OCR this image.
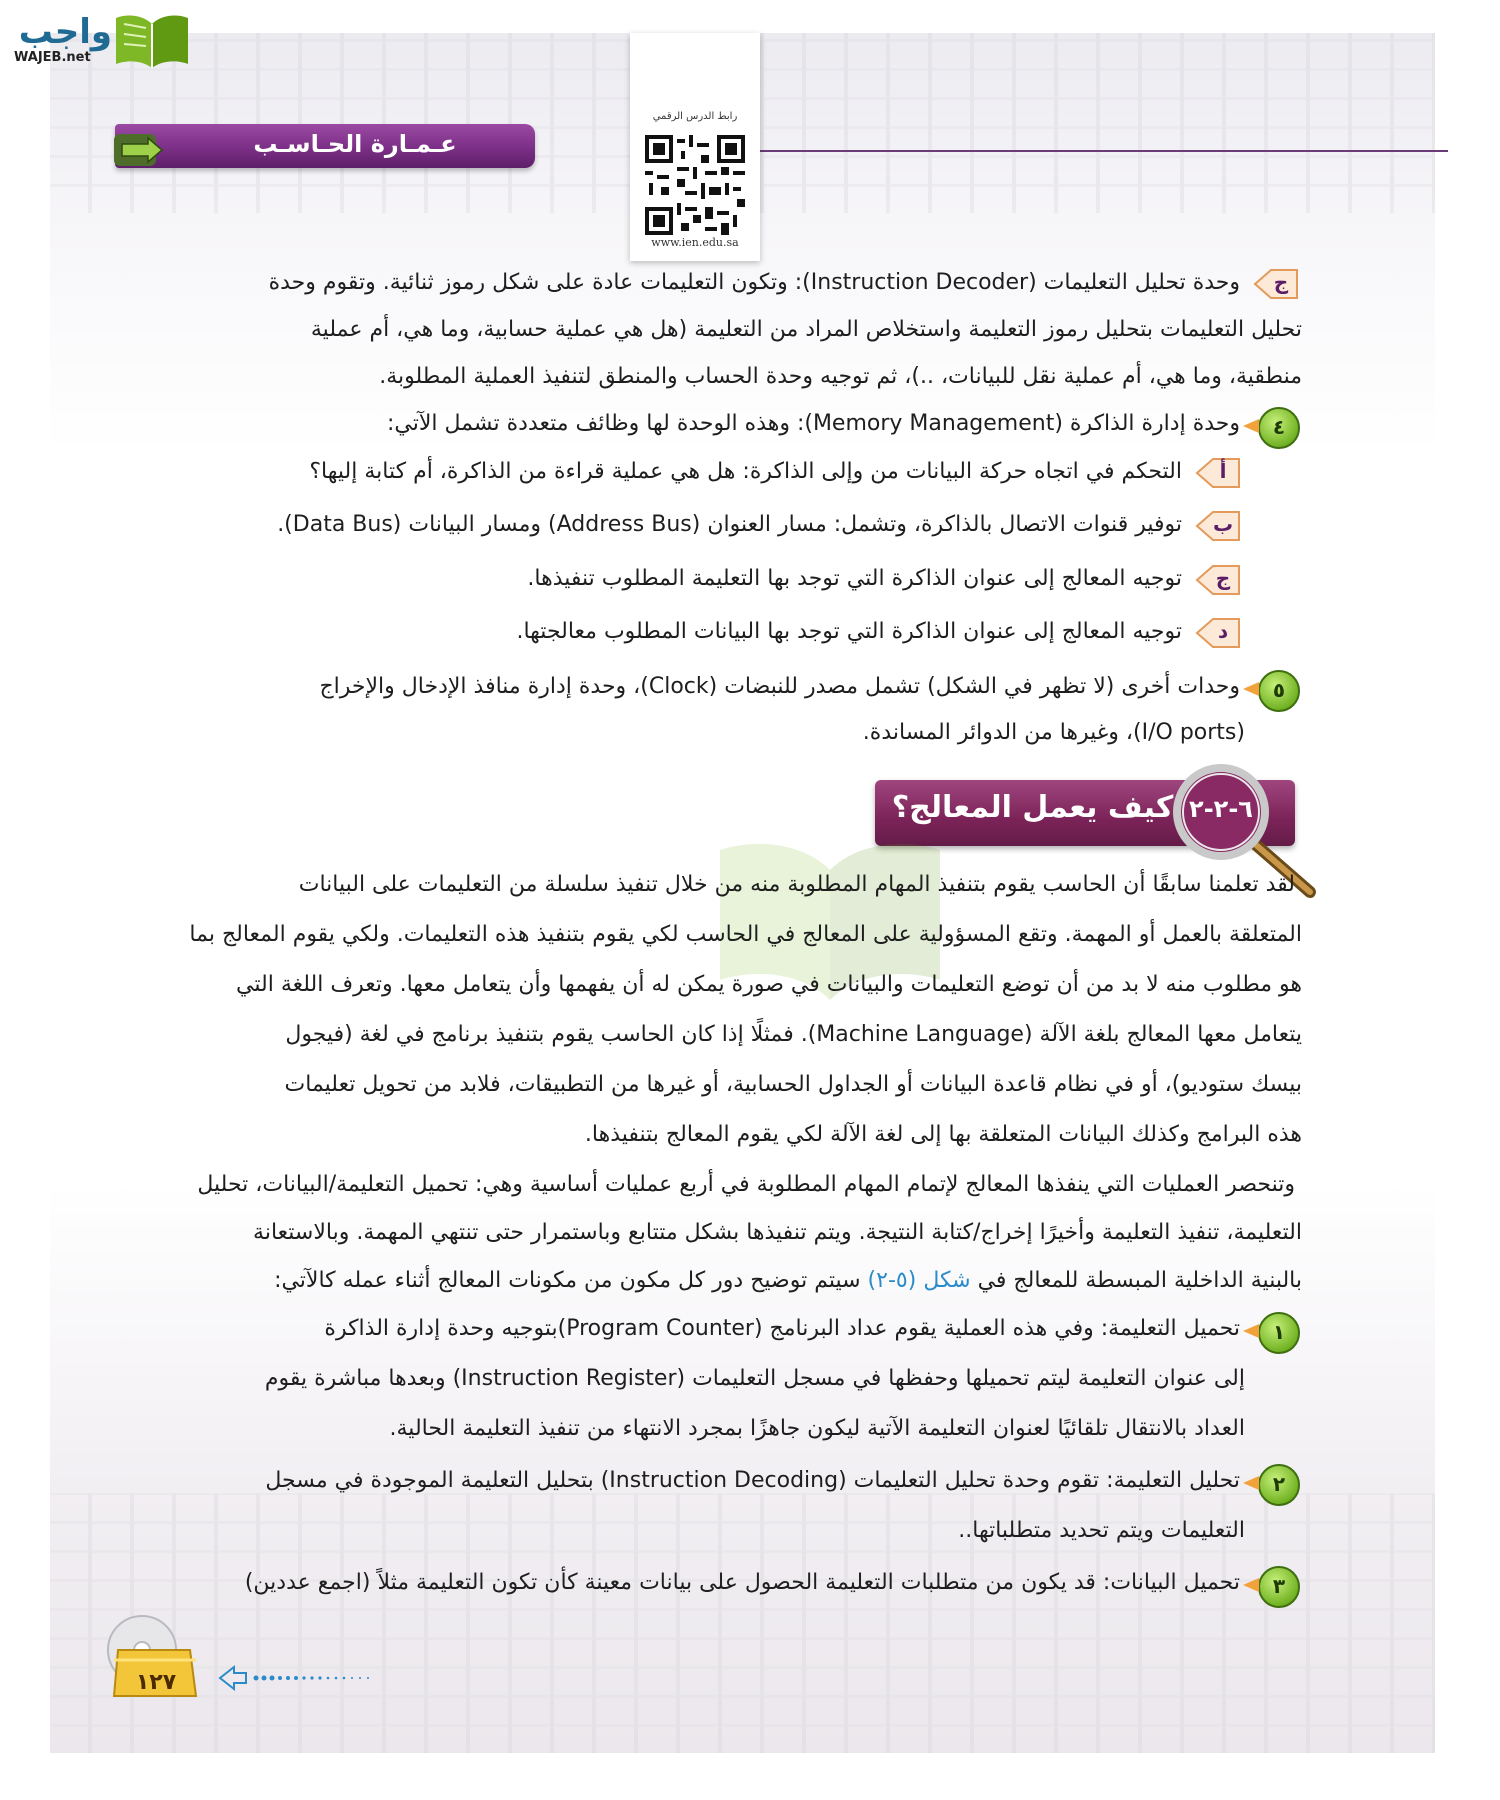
واجب
WAJEB.net
عـمـارة الحـاسـب
رابط الدرس الرقمي
www.ien.edu.sa
ج
وحدة تحليل التعليمات (Instruction Decoder): وتكون التعليمات عادة على شكل رموز ثنائية. وتقوم وحدة
تحليل التعليمات بتحليل رموز التعليمة واستخلاص المراد من التعليمة (هل هي عملية حسابية، وما هي، أم عملية
منطقية، وما هي، أم عملية نقل للبيانات، ..)، ثم توجيه وحدة الحساب والمنطق لتنفيذ العملية المطلوبة.
٤
وحدة إدارة الذاكرة (Memory Management): وهذه الوحدة لها وظائف متعددة تشمل الآتي:
أ
التحكم في اتجاه حركة البيانات من وإلى الذاكرة: هل هي عملية قراءة من الذاكرة، أم كتابة إليها؟
ب
توفير قنوات الاتصال بالذاكرة، وتشمل: مسار العنوان (Address Bus) ومسار البيانات (Data Bus).
ج
توجيه المعالج إلى عنوان الذاكرة التي توجد بها التعليمة المطلوب تنفيذها.
د
توجيه المعالج إلى عنوان الذاكرة التي توجد بها البيانات المطلوب معالجتها.
٥
وحدات أخرى (لا تظهر في الشكل) تشمل مصدر للنبضات (Clock)، وحدة إدارة منافذ الإدخال والإخراج
(I/O ports)، وغيرها من الدوائر المساندة.
كيف يعمل المعالج؟ ٦-٢-٢
لقد تعلمنا سابقًا أن الحاسب يقوم بتنفيذ المهام المطلوبة منه من خلال تنفيذ سلسلة من التعليمات على البيانات
المتعلقة بالعمل أو المهمة. وتقع المسؤولية على المعالج في الحاسب لكي يقوم بتنفيذ هذه التعليمات. ولكي يقوم المعالج بما
هو مطلوب منه لا بد من أن توضع التعليمات والبيانات في صورة يمكن له أن يفهمها وأن يتعامل معها. وتعرف اللغة التي
يتعامل معها المعالج بلغة الآلة (Machine Language). فمثلًا إذا كان الحاسب يقوم بتنفيذ برنامج في لغة (فيجول
بيسك ستوديو)، أو في نظام قاعدة البيانات أو الجداول الحسابية، أو غيرها من التطبيقات، فلابد من تحويل تعليمات
هذه البرامج وكذلك البيانات المتعلقة بها إلى لغة الآلة لكي يقوم المعالج بتنفيذها.
وتنحصر العمليات التي ينفذها المعالج لإتمام المهام المطلوبة في أربع عمليات أساسية وهي: تحميل التعليمة/البيانات، تحليل
التعليمة، تنفيذ التعليمة وأخيرًا إخراج/كتابة النتيجة. ويتم تنفيذها بشكل متتابع وباستمرار حتى تنتهي المهمة. وبالاستعانة
بالبنية الداخلية المبسطة للمعالج في شكل (٥-٢) سيتم توضيح دور كل مكون من مكونات المعالج أثناء عمله كالآتي:
١
تحميل التعليمة: وفي هذه العملية يقوم عداد البرنامج (Program Counter)بتوجيه وحدة إدارة الذاكرة
إلى عنوان التعليمة ليتم تحميلها وحفظها في مسجل التعليمات (Instruction Register) وبعدها مباشرة يقوم
العداد بالانتقال تلقائيًا لعنوان التعليمة الآتية ليكون جاهزًا بمجرد الانتهاء من تنفيذ التعليمة الحالية.
٢
تحليل التعليمة: تقوم وحدة تحليل التعليمات (Instruction Decoding) بتحليل التعليمة الموجودة في مسجل
التعليمات ويتم تحديد متطلباتها..
٣
تحميل البيانات: قد يكون من متطلبات التعليمة الحصول على بيانات معينة كأن تكون التعليمة مثلاً (اجمع عددين)
١٢٧
